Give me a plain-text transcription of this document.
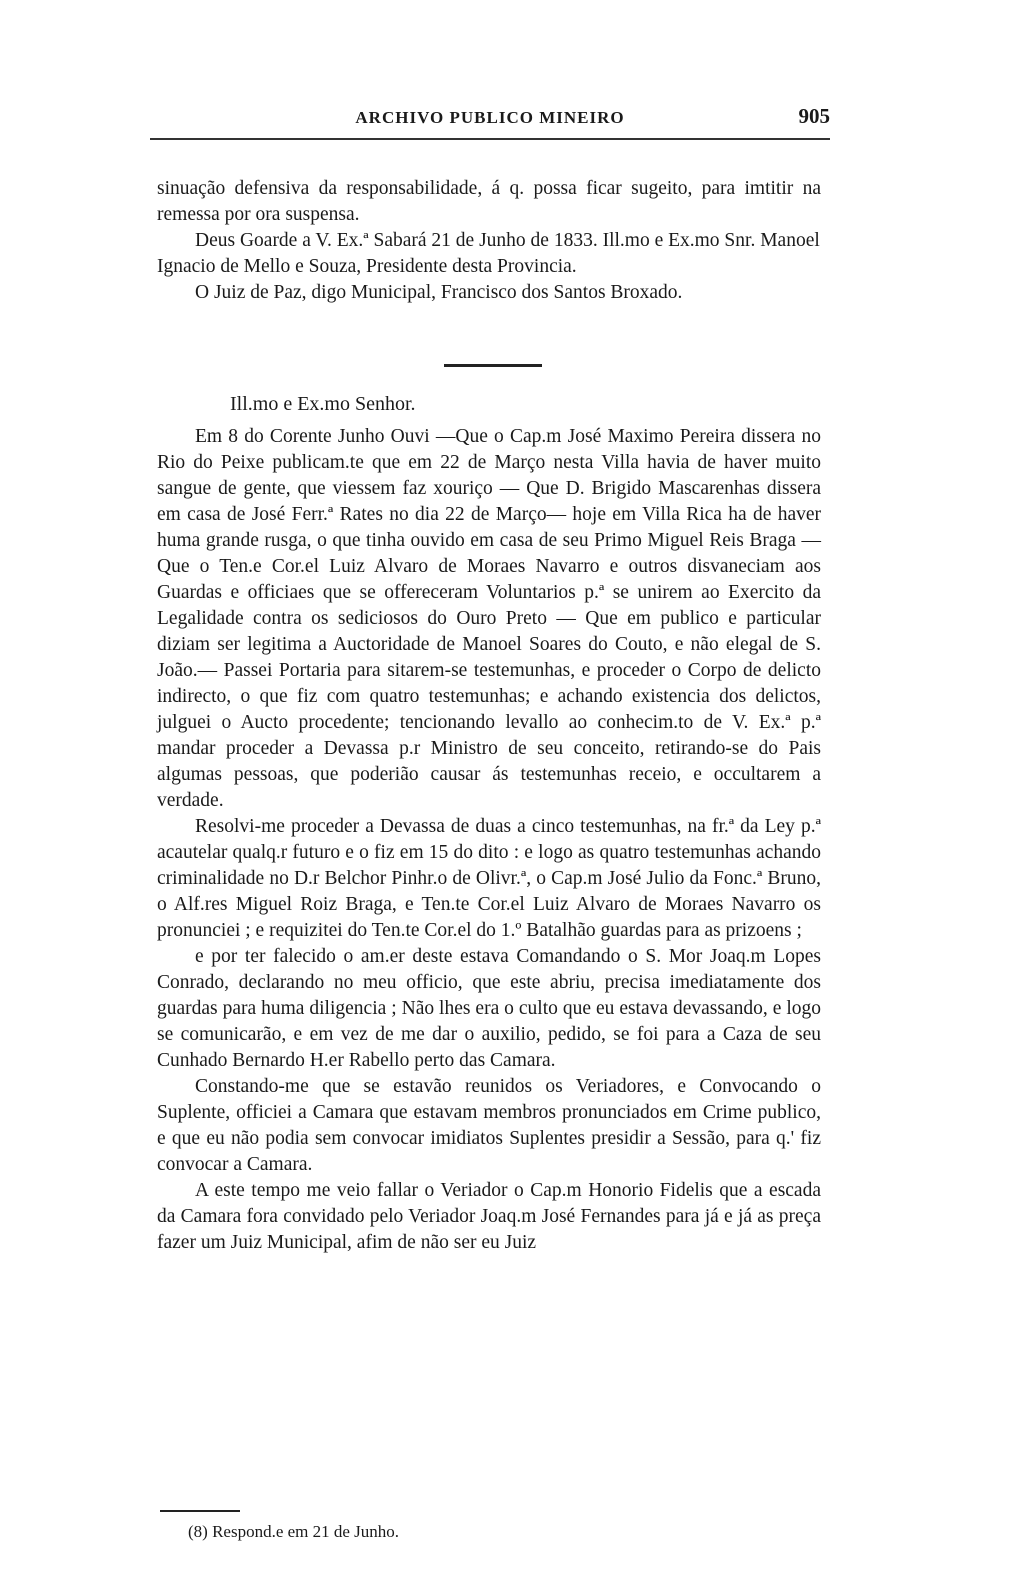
ARCHIVO PUBLICO MINEIRO	905

sinuação defensiva da responsabilidade, á q. possa ficar sugeito, para imtitir na remessa por ora suspensa.

Deus Goarde a V. Ex.ª Sabará 21 de Junho de 1833. Ill.mo e Ex.mo Snr. Manoel Ignacio de Mello e Souza, Presidente desta Provincia.

O Juiz de Paz, digo Municipal, Francisco dos Santos Broxado.

Ill.mo e Ex.mo Senhor.

Em 8 do Corente Junho Ouvi —Que o Cap.m José Maximo Pereira dissera no Rio do Peixe publicam.te que em 22 de Março nesta Villa havia de haver muito sangue de gente, que viessem faz xouriço — Que D. Brigido Mascarenhas dissera em casa de José Ferr.ª Rates no dia 22 de Março— hoje em Villa Rica ha de haver huma grande rusga, o que tinha ouvido em casa de seu Primo Miguel Reis Braga — Que o Ten.e Cor.el Luiz Alvaro de Moraes Navarro e outros disvaneciam aos Guardas e officiaes que se offereceram Voluntarios p.ª se unirem ao Exercito da Legalidade contra os sediciosos do Ouro Preto — Que em publico e particular diziam ser legitima a Auctoridade de Manoel Soares do Couto, e não elegal de S. João.— Passei Portaria para sitarem-se testemunhas, e proceder o Corpo de delicto indirecto, o que fiz com quatro testemunhas; e achando existencia dos delictos, julguei o Aucto procedente; tencionando levallo ao conhecim.to de V. Ex.ª p.ª mandar proceder a Devassa p.r Ministro de seu conceito, retirando-se do Pais algumas pessoas, que poderião causar ás testemunhas receio, e occultarem a verdade.

Resolvi-me proceder a Devassa de duas a cinco testemunhas, na fr.ª da Ley p.ª acautelar qualq.r futuro e o fiz em 15 do dito : e logo as quatro testemunhas achando criminalidade no D.r Belchor Pinhr.o de Olivr.ª, o Cap.m José Julio da Fonc.ª Bruno, o Alf.res Miguel Roiz Braga, e Ten.te Cor.el Luiz Alvaro de Moraes Navarro os pronunciei ; e requizitei do Ten.te Cor.el do 1.º Batalhão guardas para as prizoens ;

e por ter falecido o am.er deste estava Comandando o S. Mor Joaq.m Lopes Conrado, declarando no meu officio, que este abriu, precisa imediatamente dos guardas para huma diligencia ; Não lhes era o culto que eu estava devassando, e logo se comunicarão, e em vez de me dar o auxilio, pedido, se foi para a Caza de seu Cunhado Bernardo H.er Rabello perto das Camara.

Constando-me que se estavão reunidos os Veriadores, e Convocando o Suplente, officiei a Camara que estavam membros pronunciados em Crime publico, e que eu não podia sem convocar imidiatos Suplentes presidir a Sessão, para q.' fiz convocar a Camara.

A este tempo me veio fallar o Veriador o Cap.m Honorio Fidelis que a escada da Camara fora convidado pelo Veriador Joaq.m José Fernandes para já e já as preça fazer um Juiz Municipal, afim de não ser eu Juiz

(8) Respond.e em 21 de Junho.
